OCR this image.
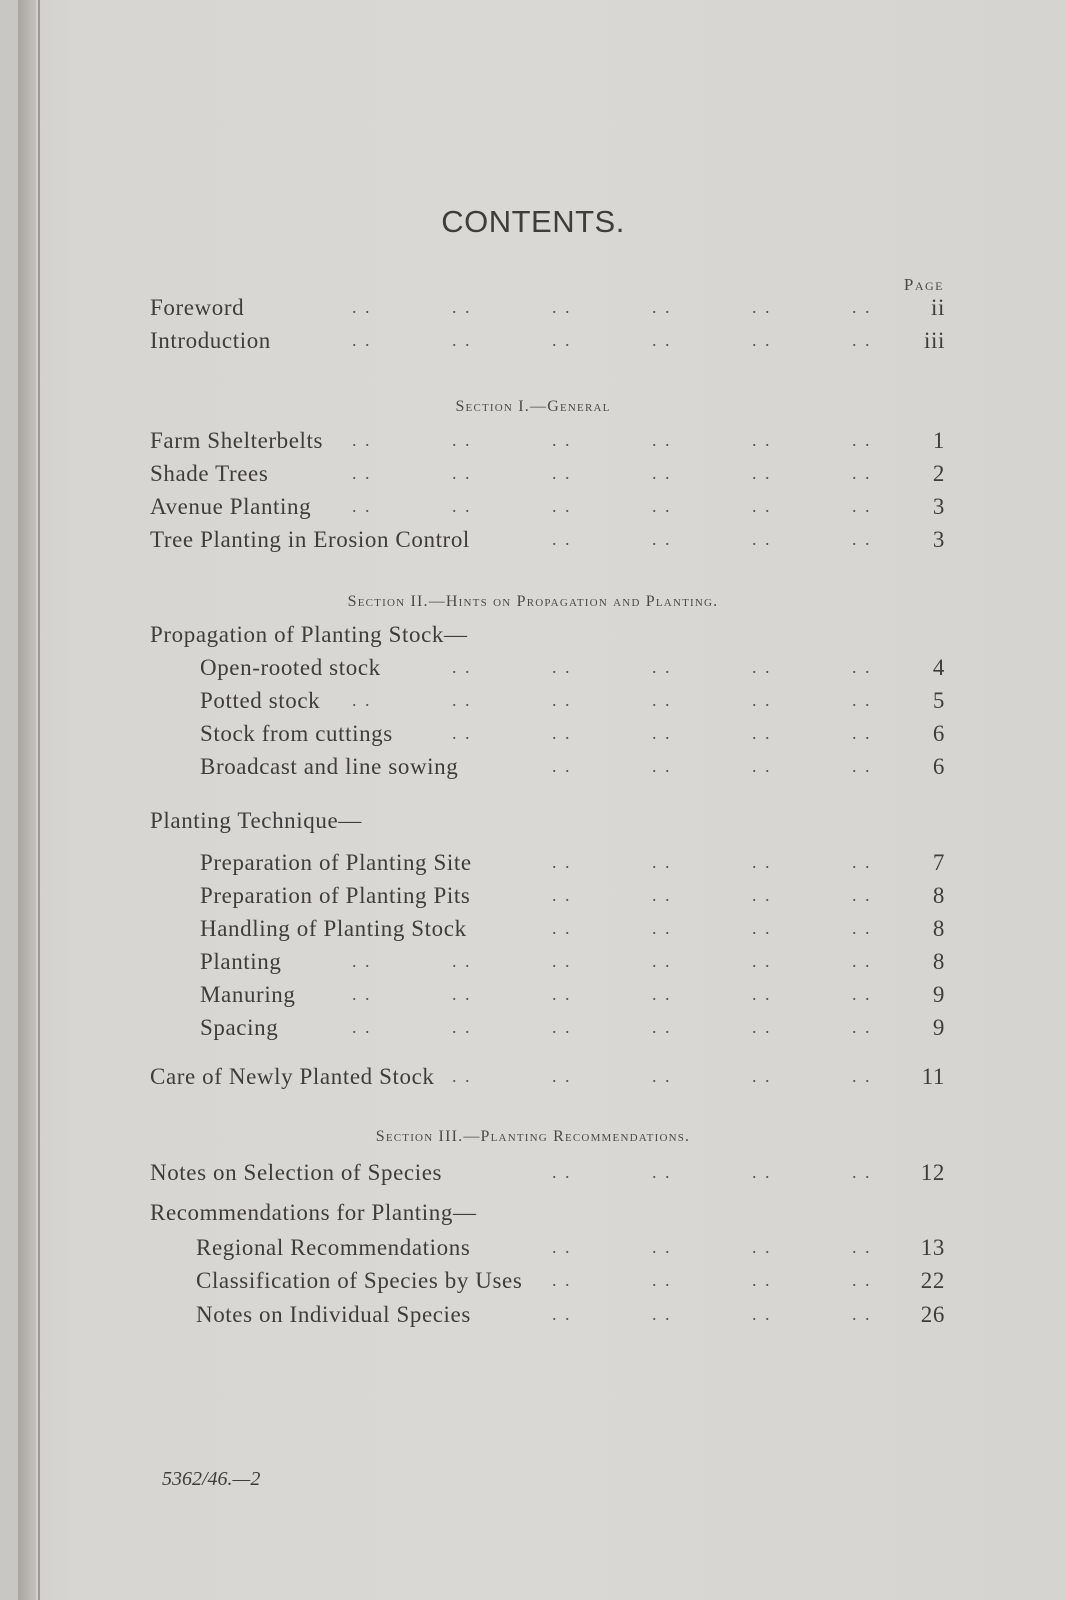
CONTENTS.
Page
Foreword	ii
. .	. .	. .	. .	. .	. .
Introduction	iii
. .	. .	. .	. .	. .	. .
Section I.—General
Farm Shelterbelts	1
. .	. .	. .	. .	. .	. .
Shade Trees	2
. .	. .	. .	. .	. .	. .
Avenue Planting	3
. .	. .	. .	. .	. .	. .
Tree Planting in Erosion Control	3
. .	. .	. .	. .
Section II.—Hints on Propagation and Planting.
Propagation of Planting Stock—
Open-rooted stock	4
. .	. .	. .	. .	. .
Potted stock	5
. .	. .	. .	. .	. .	. .
Stock from cuttings	6
. .	. .	. .	. .	. .
Broadcast and line sowing	6
. .	. .	. .	. .
Planting Technique—
Preparation of Planting Site	7
. .	. .	. .	. .
Preparation of Planting Pits	8
. .	. .	. .	. .
Handling of Planting Stock	8
. .	. .	. .	. .
Planting	8
. .	. .	. .	. .	. .	. .
Manuring	9
. .	. .	. .	. .	. .	. .
Spacing	9
. .	. .	. .	. .	. .	. .
Care of Newly Planted Stock	11
. .	. .	. .	. .	. .
Section III.—Planting Recommendations.
Notes on Selection of Species	12
. .	. .	. .	. .
Recommendations for Planting—
Regional Recommendations	13
. .	. .	. .	. .
Classification of Species by Uses	22
. .	. .	. .	. .
Notes on Individual Species	26
. .	. .	. .	. .
5362/46.—2
